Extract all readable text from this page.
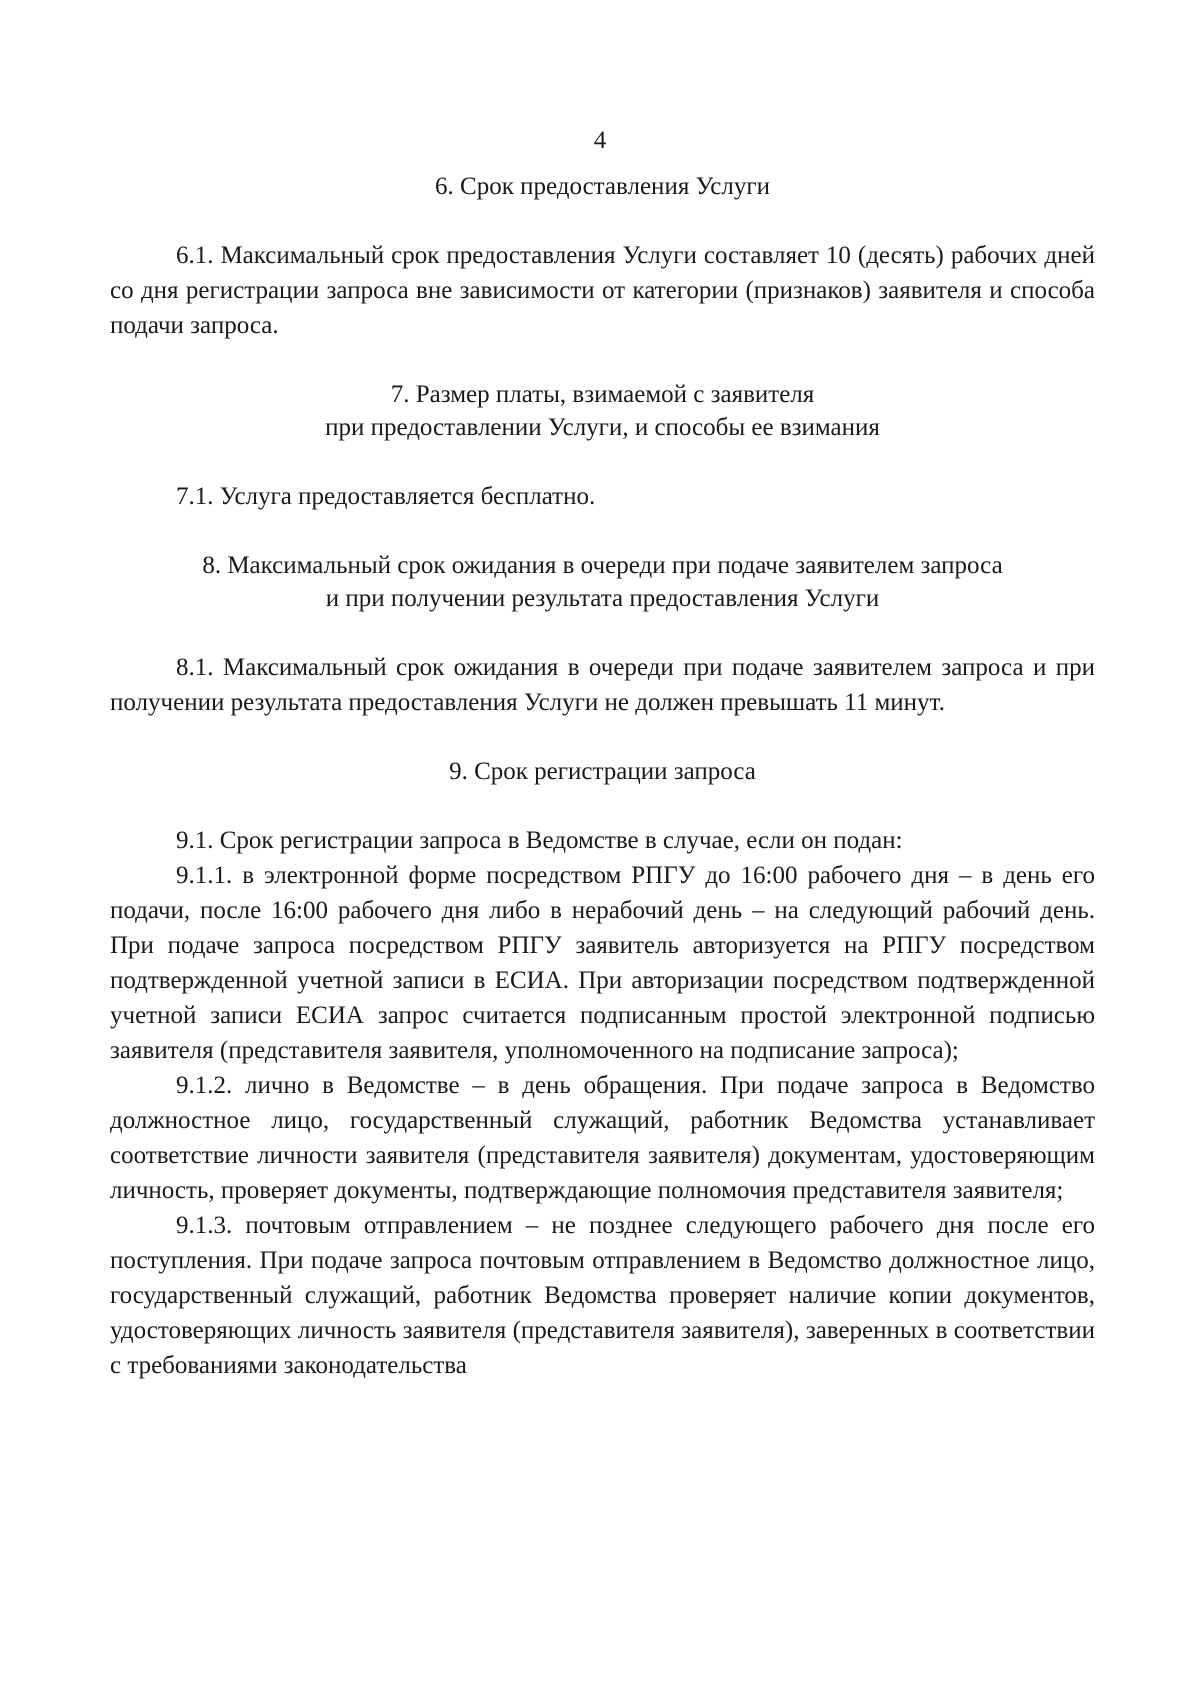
4

6. Срок предоставления Услуги

6.1. Максимальный срок предоставления Услуги составляет 10 (десять) рабочих дней со дня регистрации запроса вне зависимости от категории (признаков) заявителя и способа подачи запроса.

7. Размер платы, взимаемой с заявителя

при предоставлении Услуги, и способы ее взимания

7.1. Услуга предоставляется бесплатно.

8. Максимальный срок ожидания в очереди при подаче заявителем запроса

и при получении результата предоставления Услуги

8.1. Максимальный срок ожидания в очереди при подаче заявителем запроса и при получении результата предоставления Услуги не должен превышать 11 минут.

9. Срок регистрации запроса

9.1. Срок регистрации запроса в Ведомстве в случае, если он подан:

9.1.1. в электронной форме посредством РПГУ до 16:00 рабочего дня – в день его подачи, после 16:00 рабочего дня либо в нерабочий день – на следующий рабочий день. При подаче запроса посредством РПГУ заявитель авторизуется на РПГУ посредством подтвержденной учетной записи в ЕСИА. При авторизации посредством подтвержденной учетной записи ЕСИА запрос считается подписанным простой электронной подписью заявителя (представителя заявителя, уполномоченного на подписание запроса);

9.1.2. лично в Ведомстве – в день обращения. При подаче запроса в Ведомство должностное лицо, государственный служащий, работник Ведомства устанавливает соответствие личности заявителя (представителя заявителя) документам, удостоверяющим личность, проверяет документы, подтверждающие полномочия представителя заявителя;

9.1.3. почтовым отправлением – не позднее следующего рабочего дня после его поступления. При подаче запроса почтовым отправлением в Ведомство должностное лицо, государственный служащий, работник Ведомства проверяет наличие копии документов, удостоверяющих личность заявителя (представителя заявителя), заверенных в соответствии с требованиями законодательства
